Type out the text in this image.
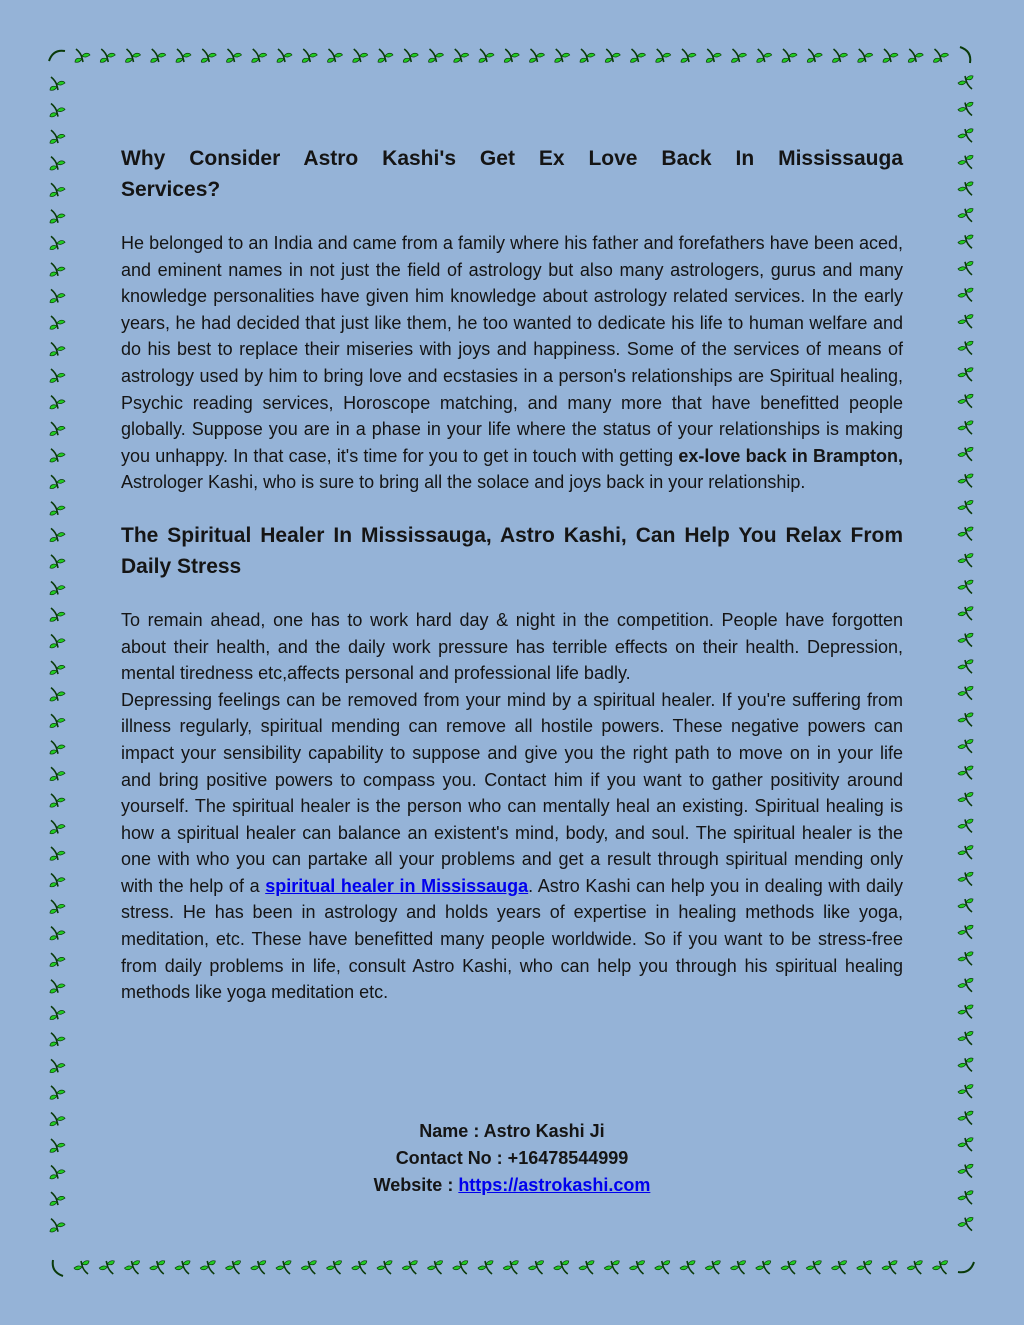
Why Consider Astro Kashi's Get Ex Love Back In Mississauga Services?

He belonged to an India and came from a family where his father and forefathers have been aced, and eminent names in not just the field of astrology but also many astrologers, gurus and many knowledge personalities have given him knowledge about astrology related services. In the early years, he had decided that just like them, he too wanted to dedicate his life to human welfare and do his best to replace their miseries with joys and happiness. Some of the services of means of astrology used by him to bring love and ecstasies in a person's relationships are Spiritual healing, Psychic reading services, Horoscope matching, and many more that have benefitted people globally. Suppose you are in a phase in your life where the status of your relationships is making you unhappy. In that case, it's time for you to get in touch with getting ex-love back in Brampton, Astrologer Kashi, who is sure to bring all the solace and joys back in your relationship.

The Spiritual Healer In Mississauga, Astro Kashi, Can Help You Relax From Daily Stress

To remain ahead, one has to work hard day & night in the competition. People have forgotten about their health, and the daily work pressure has terrible effects on their health. Depression, mental tiredness etc,affects personal and professional life badly.

Depressing feelings can be removed from your mind by a spiritual healer. If you're suffering from illness regularly, spiritual mending can remove all hostile powers. These negative powers can impact your sensibility capability to suppose and give you the right path to move on in your life and bring positive powers to compass you. Contact him if you want to gather positivity around yourself. The spiritual healer is the person who can mentally heal an existing. Spiritual healing is how a spiritual healer can balance an existent's mind, body, and soul. The spiritual healer is the one with who you can partake all your problems and get a result through spiritual mending only with the help of a spiritual healer in Mississauga. Astro Kashi can help you in dealing with daily stress. He has been in astrology and holds years of expertise in healing methods like yoga, meditation, etc. These have benefitted many people worldwide. So if you want to be stress-free from daily problems in life, consult Astro Kashi, who can help you through his spiritual healing methods like yoga meditation etc.

Name : Astro Kashi Ji
Contact No : +16478544999
Website : https://astrokashi.com
